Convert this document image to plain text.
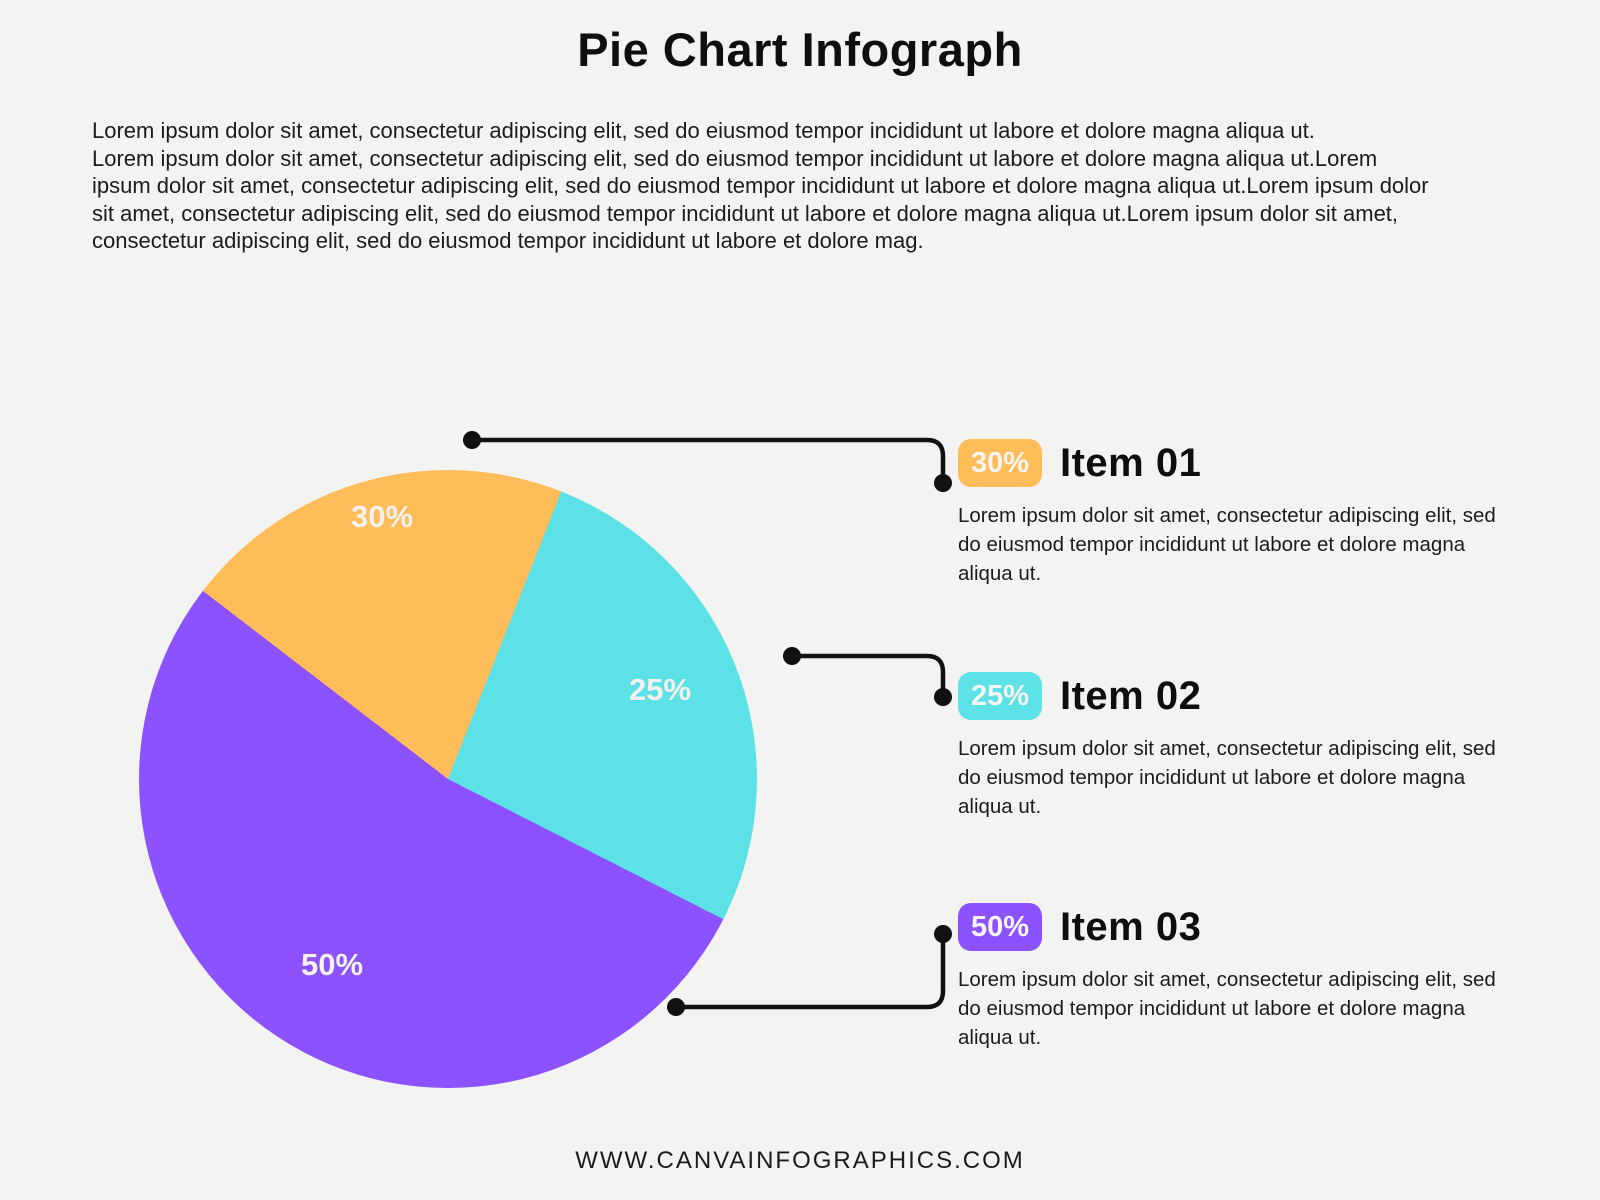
Pie Chart Infograph

Lorem ipsum dolor sit amet, consectetur adipiscing elit, sed do eiusmod tempor incididunt ut labore et dolore magna aliqua ut.

Lorem ipsum dolor sit amet, consectetur adipiscing elit, sed do eiusmod tempor incididunt ut labore et dolore magna aliqua ut.Lorem ipsum dolor sit amet, consectetur adipiscing elit, sed do eiusmod tempor incididunt ut labore et dolore magna aliqua ut.Lorem ipsum dolor sit amet, consectetur adipiscing elit, sed do eiusmod tempor incididunt ut labore et dolore magna aliqua ut.Lorem ipsum dolor sit amet, consectetur adipiscing elit, sed do eiusmod tempor incididunt ut labore et dolore mag.

30%
25%
50%
30% Item 01

Lorem ipsum dolor sit amet, consectetur adipiscing elit, sed do eiusmod tempor incididunt ut labore et dolore magna aliqua ut.

25% Item 02

Lorem ipsum dolor sit amet, consectetur adipiscing elit, sed do eiusmod tempor incididunt ut labore et dolore magna aliqua ut.

50% Item 03

Lorem ipsum dolor sit amet, consectetur adipiscing elit, sed do eiusmod tempor incididunt ut labore et dolore magna aliqua ut.

WWW.CANVAINFOGRAPHICS.COM
